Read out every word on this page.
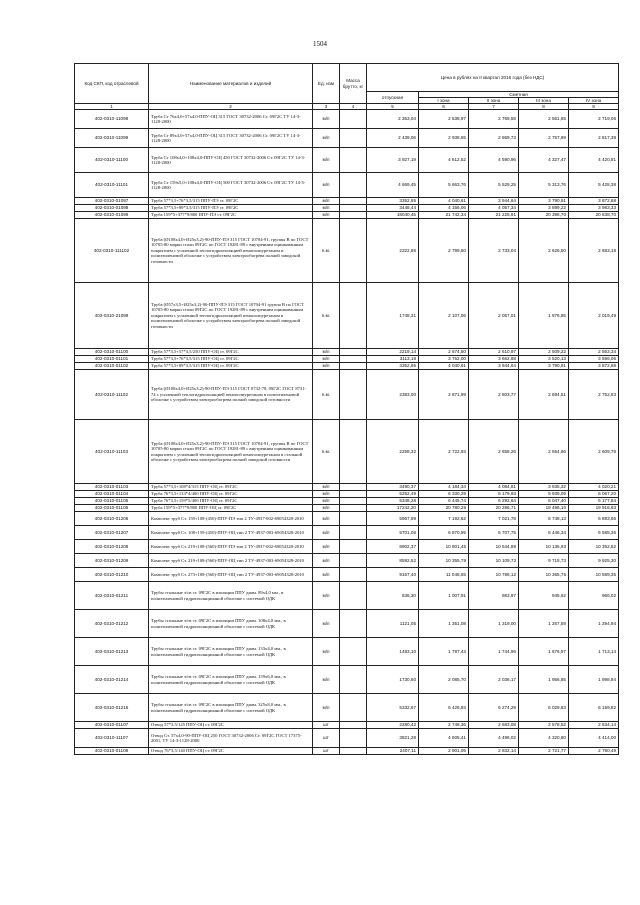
1504
Код СКП, код отраслевой	Наименование материалов и изделий	Ед. изм	Масса брутто, кг	Цена в рублях на II квартал 2016 года (без НДС)				
				отпускная	Сметная			
					I зона	II зона	III зона	IV зона
1	2	3	4	5	6	7	8	9
402-0310-11098	Труба Ст 76х4,0+57х4,0-ППУ-ОЦ 315 ГОСТ 30732-2006 Ст. 09Г2С ТУ 14-3-1128-2000	м/п		2 353,04	2 538,97	2 769,58	2 561,65	2 719,06
402-0310-11099	Труба Ст 89х4,0+57х4,0-ППУ-ОЦ 315 ГОСТ 30732-2006 Ст. 09Г2С ТУ 14-3-1128-2000	м/п		2 439,06	2 938,65	2 869,73	2 757,89	2 817,39
402-0310-11100	Труба Ст 108х4,0+108х4,0-ППУ-ОЦ 450 ГОСТ 30732-2006 Ст. 09Г2С ТУ 14-3-1128-2000	м/п		3 927,19	4 612,52	4 590,96	4 327,47	4 420,81
402-0310-11101	Труба Ст 159х5,0+108х4,0-ППУ-ОЦ 500 ГОСТ 30732-2006 Ст. 09Г2С ТУ 14-3-1128-2000	м/п		4 669,45	5 663,76	5 529,25	5 313,76	5 428,38
402-0310-01097	Труба 57*3,5+76*3,5/315 ППУ-ПЭ ст. 09Г2С	м/п		3352,65	4 040,61	3 944,64	3 790,91	3 872,68
402-0310-01098	Труба 57*3,5+89*3,5/315 ППУ-ПЭ ст. 09Г2С	м/п		3448,44	4 156,06	4 057,34	3 899,22	3 983,33
402-0310-01099	Труба 159*5+377*9/800 ППУ-ПЭ ст. 09Г2С	м/п		18040,45	21 742,34	21 225,91	20 398,70	20 838,70
402-0310-111102	Труба (Ø108х4,0+Ø25х3,2)-90-ППУ-ПЭ 315 ГОСТ 10704-91, группы В по ГОСТ 10705-80 марки стали 09Г2С по ГОСТ 19281-89 с внутренним оцинкованным покрытием с усиленной теплогидроизоляцией пенополиуретаном и полиэтиленовой оболочке с устройством электрообогрева полной заводской готовности	п.м.		2322,86	2 799,50	2 733,04	2 626,50	2 683,18
402-0310-21099	Труба (Ø57х3,5+Ø25х3,2)-90-ППУ-ПЭ 315 ГОСТ 10704-91 группа В по ГОСТ 10705-80 марки стали 09Г2С по ГОСТ 19281-89 с внутренним оцинкованным покрытием с усиленной теплогидроизоляцией пенополиуретаном в полиэтиленовой оболочке с устройством электрообогрева полной заводской готовности	п.м.		1748,31	2 107,06	2 057,01	1 976,85	2 019,49
402-0310-01100	Труба 57*3,5+57*3,5/250 ППУ-ОЦ ст. 09Г2С	м/п		2219,14	2 674,50	2 610,97	2 509,22	2 563,34
402-0310-01101	Труба 57*3,5+76*3,5/315 ППУ-ОЦ ст. 09Г2С	м/п		3113,18	3 752,00	3 662,88	3 520,13	3 596,06
402-0310-01102	Труба 57*3,5+89*3,5/315 ППУ-ОЦ ст. 09Г2С	м/п		3352,65	4 040,61	3 944,64	3 790,91	3 872,68
402-0310-11102	Труба (Ø108х4,0+Ø25х3,2)-90-ППУ-ПЭ 315 ГОСТ 8732-78, 09Г2С ГОСТ 8731-74 с усиленной теплогидроизоляцией пенополиуретаном в полиэтиленовой оболочке с устройством электрообогрева полной заводской готовности	п.м.		2383,00	2 871,99	2 803,77	2 694,51	2 752,63
402-0310-11103	Труба (Ø108х4,0+Ø25х3,2)-90-ППУ-ПЭ 315 ГОСТ 10704-91, группы В по ГОСТ 10705-80 марки стали 09Г2С по ГОСТ 19281-89 с внутренним оцинкованным покрытием с усиленной теплогидроизоляцией пенополиуретаном в стальной оболочке с устройством электрообогрева полной заводской готовности	п.м.		2258,32	2 722,93	2 658,26	2 554,66	2 609,76
402-0310-01103	Труба 57*3,5+108*4/315 ППУ-ОЦ ст. 09Г2С	м/п		3490,37	4 184,34	4 084,81	3 935,32	4 020,21
402-0310-01104	Труба 76*3,5+133*4/400 ППУ-ОЦ ст. 09Г2С	м/п		5252,49	6 330,29	6 179,93	5 939,09	6 067,20
402-0310-01105	Труба 76*3,5+159*5/400 ППУ-ОЦ ст. 09Г2С	м/п		5348,28	6 445,74	6 292,64	6 047,40	6 177,84
402-0310-01106	Труба 159*5+377*9/800 ППУ-ОЦ ст. 09Г2С	м/п		17242,20	20 780,29	20 286,71	19 496,10	19 916,63
402-0310-01206	Комплект труб Ст. 159+108-(450)-ППУ-ПЭ тип 2 ТУ-4937-002-69054328-2010	м/п		5967,99	7 192,62	7 021,78	6 748,13	6 893,66
402-0310-01207	Комплект труб Ст. 108+159-(450)-ППУ-ОЦ тип 2 ТУ-4937-003-69054328-2010	м/п		5701,06	6 870,95	6 707,75	6 446,34	6 585,36
402-0310-01208	Комплект труб Ст. 219+108-(560)-ППУ-ПЭ тип 2 ТУ-4937-002-69054328-2010	м/п		8902,37	10 801,45	10 544,89	10 135,93	10 352,52
402-0310-01209	Комплект труб Ст. 219+108-(560)-ППУ-ОЦ тип 2 ТУ-4937-003-69054328-2010	м/п		8592,52	10 355,79	10 109,73	9 715,73	9 925,30
402-0310-01210	Комплект труб Ст. 273+108-(560)-ППУ-ОЦ тип 2 ТУ-4937-003-69054328-2010	м/п		9167,40	11 048,55	10 786,12	10 365,76	10 589,35
402-0310-01211	Трубы стальные э/св ст. 09Г2С в изоляции ППУ диам. 89х4,0 мм., в полиэтиленовой гидроизоляционной оболочке с системой ОДК	м/п		836,30	1 007,91	983,97	945,62	966,02
402-0310-01212	Трубы стальные э/св ст. 09Г2С в изоляции ППУ диам. 108х4,0 мм., в полиэтиленовой гидроизоляционной оболочке с системой ОДК	м/п		1121,05	1 351,08	1 319,00	1 267,59	1 294,94
402-0310-01213	Трубы стальные э/св ст. 09Г2С в изоляции ППУ диам. 133х4,0 мм., в полиэтиленовой гидроизоляционной оболочке с системой ОДК	м/п		1483,10	1 787,43	1 744,96	1 676,97	1 713,14
402-0310-01214	Трубы стальные э/св ст. 09Г2С в изоляции ППУ диам. 159х6,0 мм., в полиэтиленовой гидроизоляционной оболочке с системой ОДК	м/п		1730,60	2 085,70	2 036,17	1 956,85	1 998,94
402-0310-01215	Трубы стальные э/св ст. 09Г2С в изоляции ППУ диам. 325х8,0 мм., в полиэтиленовой гидроизоляционной оболочке с системой ОДК	м/п		5332,67	6 426,93	6 274,29	6 029,83	6 159,82
402-0310-01107	Отвод 57*3,5/125 ППУ-ОЦ ст. 09Г2С	шт		2280,42	2 748,36	2 683,08	2 578,52	2 634,14
402-0310-11107	Отвод Ст. 57х4,0-90-ППУ-ОЦ 250 ГОСТ 30732-2006 Ст. 09Г2С ГОСТ 17375-2001, ТУ 14-3-1128-2000	шт		3821,28	4 605,41	4 496,02	4 320,80	4 414,00
402-0310-01108	Отвод 76*3,5/140 ППУ-ОЦ ст. 09Г2С	шт		2407,11	2 901,05	2 832,14	2 721,77	2 780,49
